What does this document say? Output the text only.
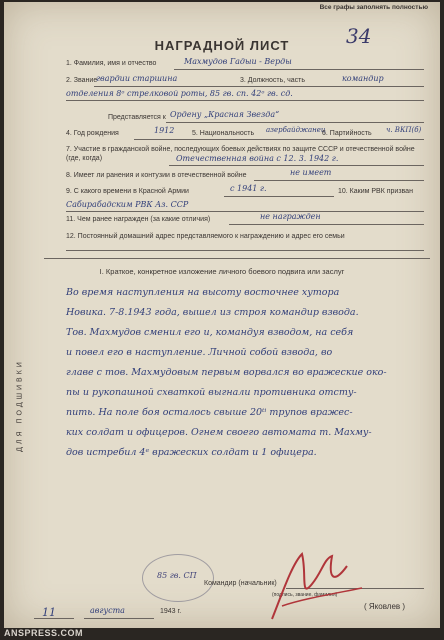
Все графы заполнять полностью
34
НАГРАДНОЙ ЛИСТ
1. Фамилия, имя и отчество	Махмудов Гадыи - Верды
2. Звание
гвардии старшина	3. Должность, часть	командир
отделения 8ᵒ стрелковой роты, 85 гв. сп. 42ᵒ гв. сд.
Представляется к Ордену „Красная Звезда“
4. Год рождения	1912	5. Национальность азербайджанец
6. Партийность ч. ВКП(б)
7. Участие в гражданской войне, последующих боевых действиях по защите СССР и отечественной войне (где, когда)	Отечественная война с 12. 3. 1942 г.
8. Имеет ли ранения и контузии в отечественной войне	не имеет
9. С какого времени в Красной Армии	с 1941 г.	10. Каким РВК призван
Сабирабадским РВК Аз. ССР
11. Чем ранее награжден (за какие отличия)	не награжден
12. Постоянный домашний адрес представляемого к награждению и адрес его семьи
ДЛЯ ПОДШИВКИ
I. Краткое, конкретное изложение личного боевого подвига или заслуг
Во время наступления на высоту восточнее хутора
Новика. 7-8.1943 года, вышел из строя командир взвода.
Тов. Махмудов сменил его и, командуя взводом, на себя
и повел его в наступление. Личной собой взвода, во
главе с тов. Махмудовым первым ворвался во вражеские око-
пы и рукопашной схваткой выгнали противника отсту-
пить. На поле боя осталось свыше 20ᵗⁱ трупов вражес-
ких солдат и офицеров. Огнем своего автомата т. Махму-
дов истребил 4ᵉ вражеских солдат и 1 офицера.
85 гв. СП
Командир (начальник)
(подпись, звание, фамилия)
( Яковлев )
11	августа	1943 г.
ANSPRESS.COM
